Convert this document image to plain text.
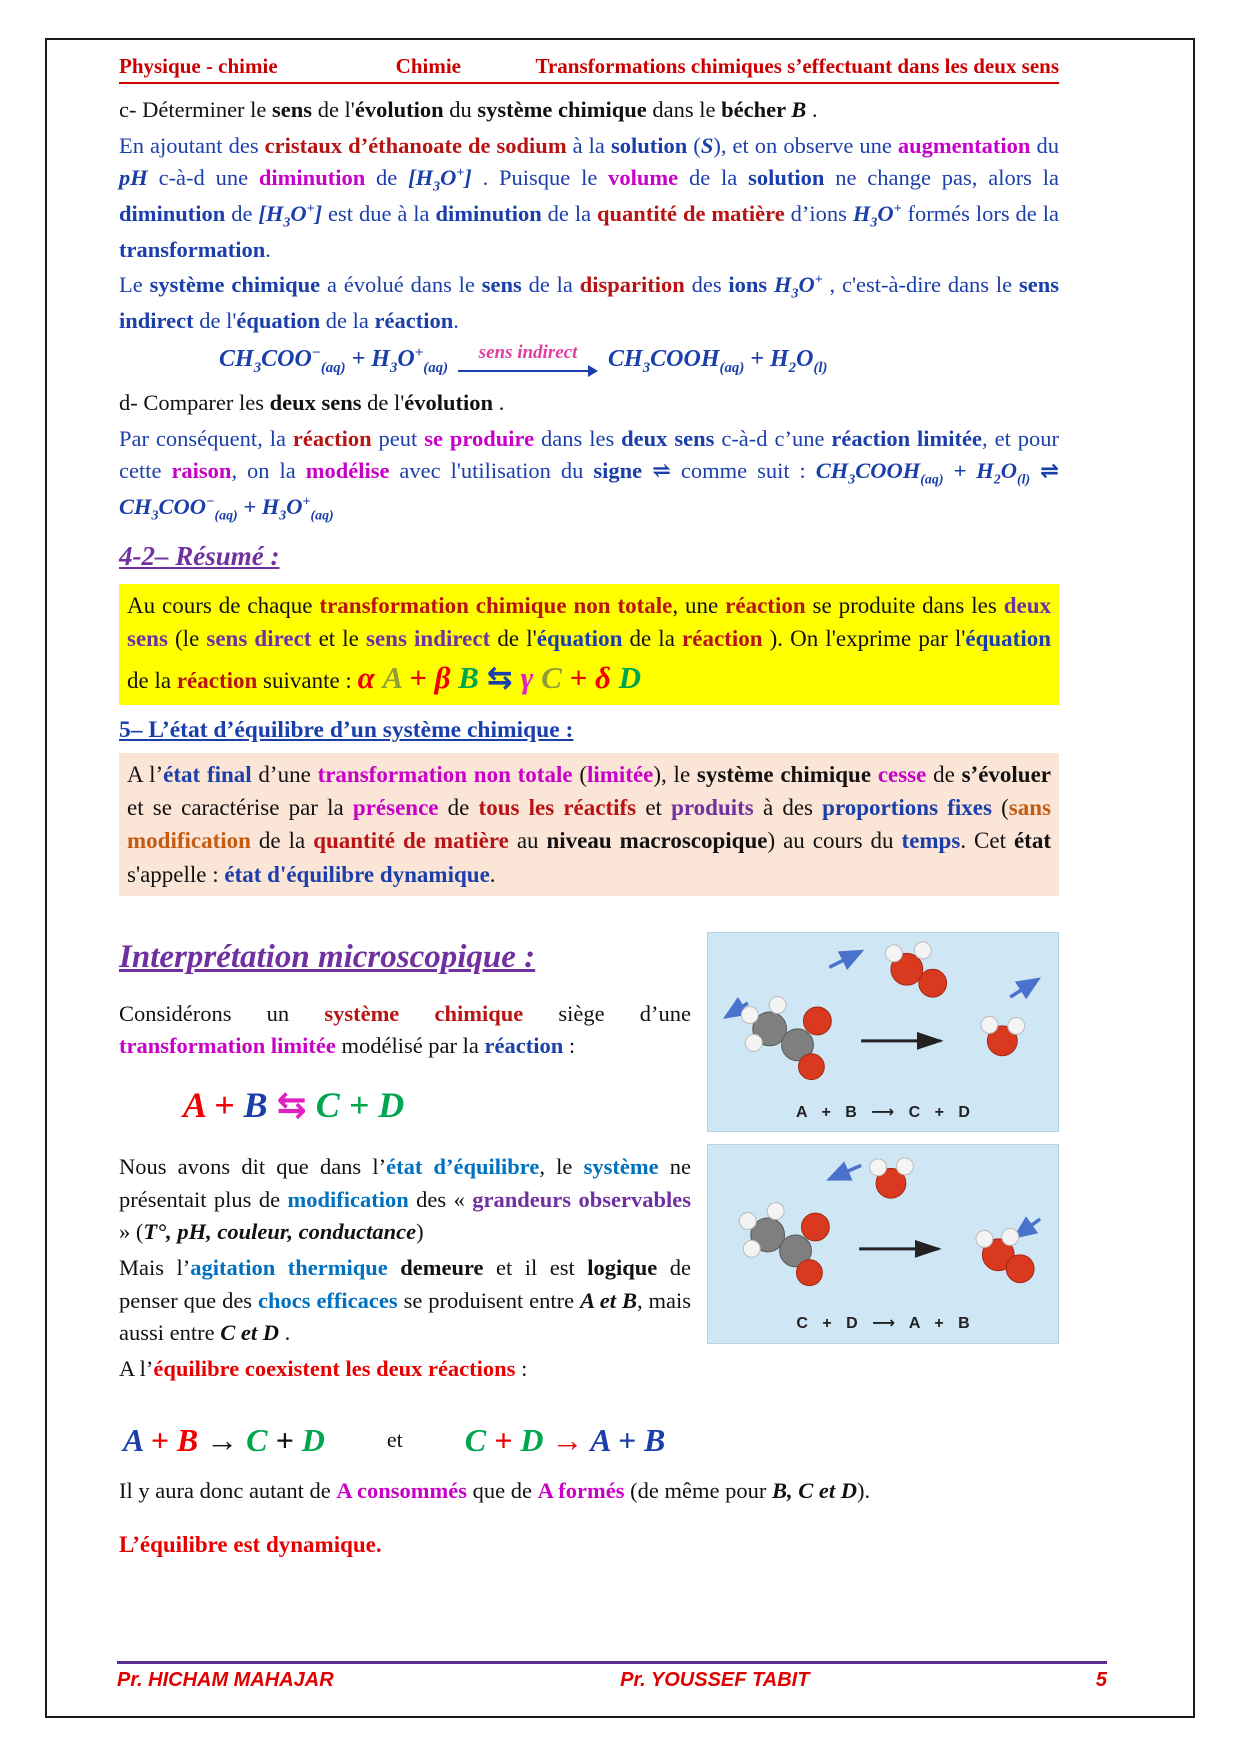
Physique - chimie	Chimie	Transformations chimiques s’effectuant dans les deux sens

c- Déterminer le sens de l'évolution du système chimique dans le bécher B .

En ajoutant des cristaux d’éthanoate de sodium à la solution (S), et on observe une augmentation du pH c-à-d une diminution de $[H_3O^+]$ . Puisque le volume de la solution ne change pas, alors la diminution de $[H_3O^+]$ est due à la diminution de la quantité de matière d’ions $H_3O^+$ formés lors de la transformation.

Le système chimique a évolué dans le sens de la disparition des ions $H_3O^+$ , c'est-à-dire dans le sens indirect de l'équation de la réaction.

$CH_3COO^-_{(aq)} + H_3O^+_{(aq)}$
sens indirect $CH_3COOH_{(aq)} + H_2O_{(l)}$

d- Comparer les deux sens de l'évolution .

Par conséquent, la réaction peut se produire dans les deux sens c-à-d c’une réaction limitée, et pour cette raison, on la modélise avec l'utilisation du signe ⇌ comme suit : $CH_3COOH_{(aq)} + H_2O_{(l)}$ ⇌ $CH_3COO^-_{(aq)} + H_3O^+_{(aq)}$

4-2– Résumé :
Au cours de chaque transformation chimique non totale, une réaction se produite dans les deux sens (le sens direct et le sens indirect de l'équation de la réaction ). On l'exprime par l'équation de la réaction suivante : α A + β B ⇆ γ C + δ D
5– L’état d’équilibre d’un système chimique :
A l’état final d’une transformation non totale (limitée), le système chimique cesse de s’évoluer et se caractérise par la présence de tous les réactifs et produits à des proportions fixes (sans modification de la quantité de matière au niveau macroscopique) au cours du temps. Cet état s'appelle : état d'équilibre dynamique.
Interprétation microscopique :

Considérons un système chimique siège d’une transformation limitée modélisé par la réaction :

A + B ⇆ C + D

Nous avons dit que dans l’état d’équilibre, le système ne présentait plus de modification des « grandeurs observables » (T°, pH, couleur, conductance)

Mais l’agitation thermique demeure et il est logique de penser que des chocs efficaces se produisent entre A et B, mais aussi entre C et D .

A l’équilibre coexistent les deux réactions :

A + B ⟶ C + D
C + D ⟶ A + B
A + B → C + D	et C + D → A + B

Il y aura donc autant de A consommés que de A formés (de même pour B, C et D).

L’équilibre est dynamique.

Pr. HICHAM MAHAJAR	Pr. YOUSSEF TABIT	5
